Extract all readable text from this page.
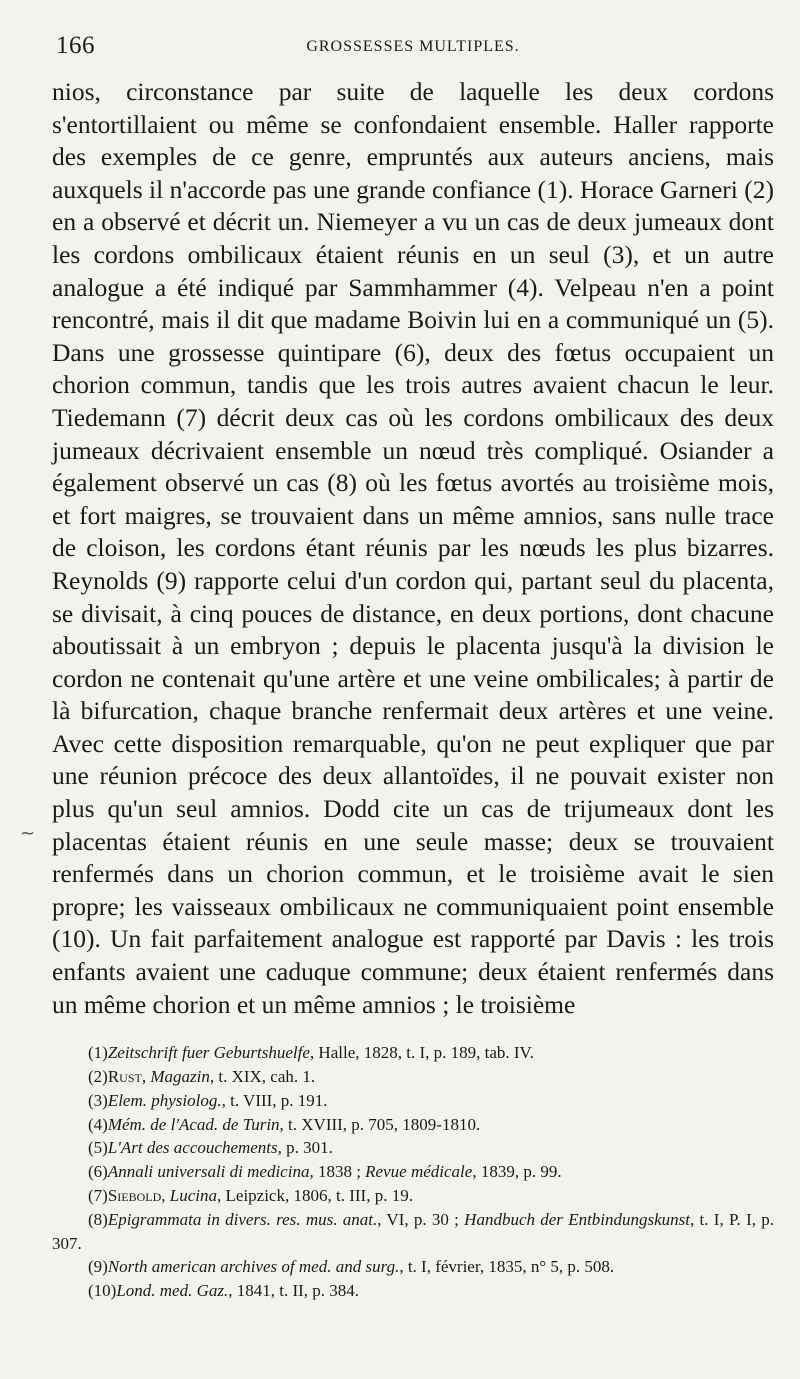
~
166	GROSSESSES MULTIPLES.

nios, circonstance par suite de laquelle les deux cordons s'entortillaient ou même se confondaient ensemble. Haller rapporte des exemples de ce genre, empruntés aux auteurs anciens, mais auxquels il n'accorde pas une grande confiance (1). Horace Garneri (2) en a observé et décrit un. Niemeyer a vu un cas de deux jumeaux dont les cordons ombilicaux étaient réunis en un seul (3), et un autre analogue a été indiqué par Sammhammer (4). Velpeau n'en a point rencontré, mais il dit que madame Boivin lui en a communiqué un (5). Dans une grossesse quintipare (6), deux des fœtus occupaient un chorion commun, tandis que les trois autres avaient chacun le leur. Tiedemann (7) décrit deux cas où les cordons ombilicaux des deux jumeaux décrivaient ensemble un nœud très compliqué. Osiander a également observé un cas (8) où les fœtus avortés au troisième mois, et fort maigres, se trouvaient dans un même amnios, sans nulle trace de cloison, les cordons étant réunis par les nœuds les plus bizarres. Reynolds (9) rapporte celui d'un cordon qui, partant seul du placenta, se divisait, à cinq pouces de distance, en deux portions, dont chacune aboutissait à un embryon ; depuis le placenta jusqu'à la division le cordon ne contenait qu'une artère et une veine ombilicales; à partir de là bifurcation, chaque branche renfermait deux artères et une veine. Avec cette disposition remarquable, qu'on ne peut expliquer que par une réunion précoce des deux allantoïdes, il ne pouvait exister non plus qu'un seul amnios. Dodd cite un cas de trijumeaux dont les placentas étaient réunis en une seule masse; deux se trouvaient renfermés dans un chorion commun, et le troisième avait le sien propre; les vaisseaux ombilicaux ne communiquaient point ensemble (10). Un fait parfaitement analogue est rapporté par Davis : les trois enfants avaient une caduque commune; deux étaient renfermés dans un même chorion et un même amnios ; le troisième

(1)Zeitschrift fuer Geburtshuelfe, Halle, 1828, t. I, p. 189, tab. IV.

(2)Rust, Magazin, t. XIX, cah. 1.

(3)Elem. physiolog., t. VIII, p. 191.

(4)Mém. de l'Acad. de Turin, t. XVIII, p. 705, 1809-1810.

(5)L'Art des accouchements, p. 301.

(6)Annali universali di medicina, 1838 ; Revue médicale, 1839, p. 99.

(7)Siebold, Lucina, Leipzick, 1806, t. III, p. 19.

(8)Epigrammata in divers. res. mus. anat., VI, p. 30 ; Handbuch der Entbindungskunst, t. I, P. I, p. 307.

(9)North american archives of med. and surg., t. I, février, 1835, n° 5, p. 508.

(10)Lond. med. Gaz., 1841, t. II, p. 384.
